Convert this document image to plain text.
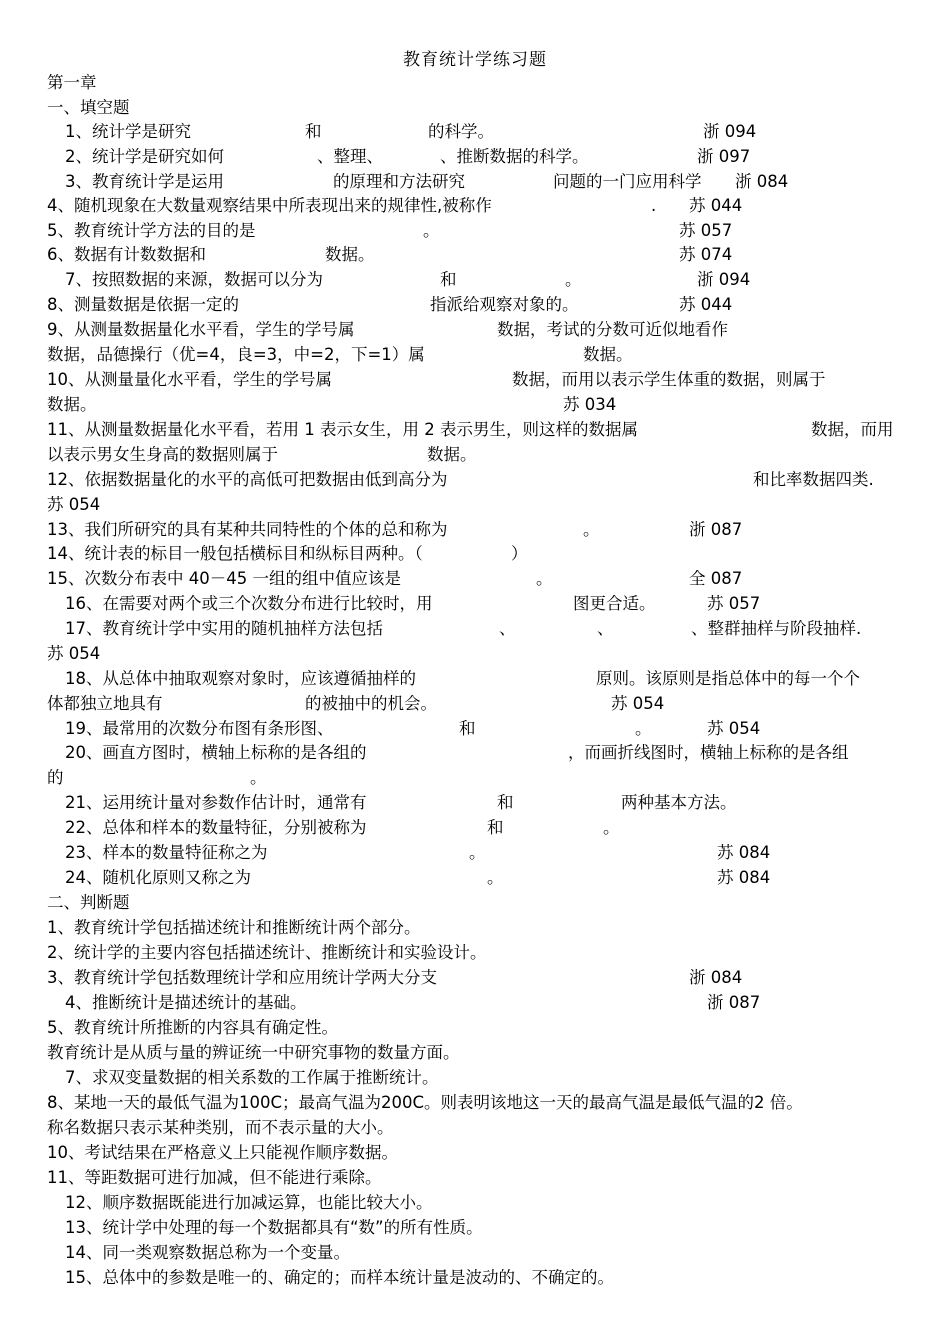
教育统计学练习题
第一章
一、填空题
1、统计学是研究	和	的科学。	浙 094
2、统计学是研究如何	、整理、	、推断数据的科学。	浙 097
3、教育统计学是运用	的原理和方法研究	问题的一门应用科学 浙 084
4、随机现象在大数量观察结果中所表现出来的规律性,被称作	. 苏 044
5、教育统计学方法的目的是	。	苏 057
6、数据有计数数据和	数据。	苏 074
7、按照数据的来源，数据可以分为	和	。	浙 094
8、测量数据是依据一定的	指派给观察对象的。	苏 044
9、从测量数据量化水平看，学生的学号属	数据，考试的分数可近似地看作
数据，品德操行（优=4，良=3，中=2，下=1）属	数据。
10、从测量量化水平看，学生的学号属	数据，而用以表示学生体重的数据，则属于
数据。	苏 034
11、从测量数据量化水平看，若用 1 表示女生，用 2 表示男生，则这样的数据属	数据，而用
以表示男女生身高的数据则属于	数据。
12、依据数据量化的水平的高低可把数据由低到高分为	和比率数据四类.
苏 054
13、我们所研究的具有某种共同特性的个体的总和称为	。	浙 087
14、统计表的标目一般包括横标目和纵标目两种。（	）
15、次数分布表中 40－45 一组的组中值应该是	。	全 087
16、在需要对两个或三个次数分布进行比较时，用	图更合适。	苏 057
17、教育统计学中实用的随机抽样方法包括	、	、	、整群抽样与阶段抽样.
苏 054
18、从总体中抽取观察对象时，应该遵循抽样的	原则。该原则是指总体中的每一个个
体都独立地具有	的被抽中的机会。	苏 054
19、最常用的次数分布图有条形图、	和	。	苏 054
20、画直方图时，横轴上标称的是各组的	，而画折线图时，横轴上标称的是各组
的	。
21、运用统计量对参数作估计时，通常有	和	两种基本方法。
22、总体和样本的数量特征，分别被称为	和	。
23、样本的数量特征称之为	。	苏 084
24、随机化原则又称之为	。	苏 084
二、判断题
1、教育统计学包括描述统计和推断统计两个部分。
2、统计学的主要内容包括描述统计、推断统计和实验设计。
3、教育统计学包括数理统计学和应用统计学两大分支	浙 084
4、推断统计是描述统计的基础。	浙 087
5、教育统计所推断的内容具有确定性。
教育统计是从质与量的辨证统一中研究事物的数量方面。
7、求双变量数据的相关系数的工作属于推断统计。
8、某地一天的最低气温为100C；最高气温为200C。则表明该地这一天的最高气温是最低气温的2 倍。
称名数据只表示某种类别，而不表示量的大小。
10、考试结果在严格意义上只能视作顺序数据。
11、等距数据可进行加减，但不能进行乘除。
12、顺序数据既能进行加减运算，也能比较大小。
13、统计学中处理的每一个数据都具有“数”的所有性质。
14、同一类观察数据总称为一个变量。
15、总体中的参数是唯一的、确定的；而样本统计量是波动的、不确定的。
